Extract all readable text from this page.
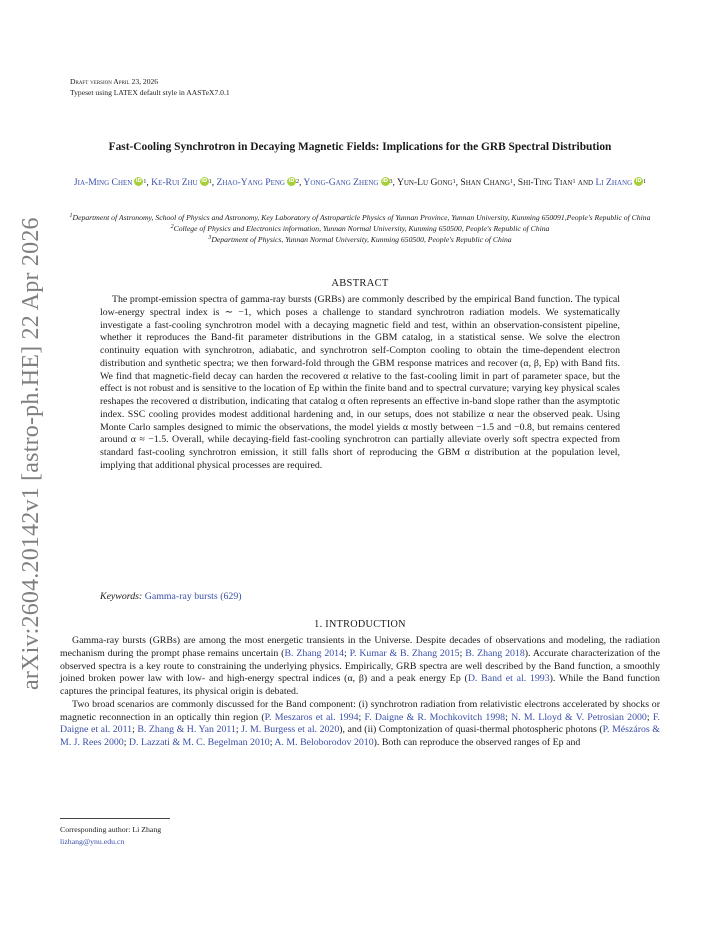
arXiv:2604.20142v1 [astro-ph.HE] 22 Apr 2026
Draft version April 23, 2026
Typeset using LATEX default style in AASTeX7.0.1
Fast-Cooling Synchrotron in Decaying Magnetic Fields: Implications for the GRB Spectral Distribution
Jia-Ming Chen iD $^1$, Ke-Rui ZhuiD $^1$, Zhao-Yang PengiD $^2$, Yong-Gang ZhengiD $^3$, Yun-Lu Gong$^1$, Shan Chang$^1$, Shi-Ting Tian$^1$ and Li Zhang iD $^1$
$^1$Department of Astronomy, School of Physics and Astronomy, Key Laboratory of Astroparticle Physics of Yunnan Province, Yunnan University, Kunming 650091,People's Republic of China
$^2$College of Physics and Electronics information, Yunnan Normal University, Kunming 650500, People's Republic of China
$^3$Department of Physics, Yunnan Normal University, Kunming 650500, People's Republic of China
ABSTRACT
The prompt-emission spectra of gamma-ray bursts (GRBs) are commonly described by the empirical Band function. The typical low-energy spectral index is ∼ −1, which poses a challenge to standard synchrotron radiation models. We systematically investigate a fast-cooling synchrotron model with a decaying magnetic field and test, within an observation-consistent pipeline, whether it reproduces the Band-fit parameter distributions in the GBM catalog, in a statistical sense. We solve the electron continuity equation with synchrotron, adiabatic, and synchrotron self-Compton cooling to obtain the time-dependent electron distribution and synthetic spectra; we then forward-fold through the GBM response matrices and recover (α, β, Ep) with Band fits. We find that magnetic-field decay can harden the recovered α relative to the fast-cooling limit in part of parameter space, but the effect is not robust and is sensitive to the location of Ep within the finite band and to spectral curvature; varying key physical scales reshapes the recovered α distribution, indicating that catalog α often represents an effective in-band slope rather than the asymptotic index. SSC cooling provides modest additional hardening and, in our setups, does not stabilize α near the observed peak. Using Monte Carlo samples designed to mimic the observations, the model yields α mostly between −1.5 and −0.8, but remains centered around α ≈ −1.5. Overall, while decaying-field fast-cooling synchrotron can partially alleviate overly soft spectra expected from standard fast-cooling synchrotron emission, it still falls short of reproducing the GBM α distribution at the population level, implying that additional physical processes are required.
Keywords: Gamma-ray bursts (629)
1. INTRODUCTION

Gamma-ray bursts (GRBs) are among the most energetic transients in the Universe. Despite decades of observations and modeling, the radiation mechanism during the prompt phase remains uncertain (B. Zhang 2014; P. Kumar & B. Zhang 2015; B. Zhang 2018). Accurate characterization of the observed spectra is a key route to constraining the underlying physics. Empirically, GRB spectra are well described by the Band function, a smoothly joined broken power law with low- and high-energy spectral indices (α, β) and a peak energy Ep (D. Band et al. 1993). While the Band function captures the principal features, its physical origin is debated.

Two broad scenarios are commonly discussed for the Band component: (i) synchrotron radiation from relativistic electrons accelerated by shocks or magnetic reconnection in an optically thin region (P. Meszaros et al. 1994; F. Daigne & R. Mochkovitch 1998; N. M. Lloyd & V. Petrosian 2000; F. Daigne et al. 2011; B. Zhang & H. Yan 2011; J. M. Burgess et al. 2020), and (ii) Comptonization of quasi-thermal photospheric photons (P. Mészáros & M. J. Rees 2000; D. Lazzati & M. C. Begelman 2010; A. M. Beloborodov 2010). Both can reproduce the observed ranges of Ep and

Corresponding author: Li Zhang
lizhang@ynu.edu.cn
